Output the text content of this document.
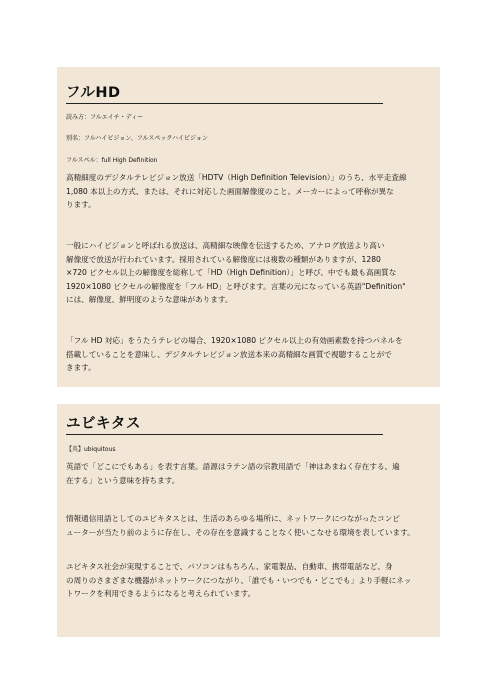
フルHD
読み方：フルエイチ・ディー
別名：フルハイビジョン、フルスペックハイビジョン
フルスペル：full High Definition
高精細度のデジタルテレビジョン放送「HDTV（High Definition Television）」のうち、水平走査線
1,080 本以上の方式、または、それに対応した画面解像度のこと。メーカーによって呼称が異な
ります。
一般にハイビジョンと呼ばれる放送は、高精細な映像を伝送するため、アナログ放送より高い
解像度で放送が行われています。採用されている解像度には複数の種類がありますが、1280
×720 ピクセル以上の解像度を総称して「HD（High Definition）」と呼び、中でも最も高画質な
1920×1080 ピクセルの解像度を「フル HD」と呼びます。言葉の元になっている英語"Definition"
には、解像度、鮮明度のような意味があります。
「フル HD 対応」をうたうテレビの場合、1920×1080 ピクセル以上の有効画素数を持つパネルを
搭載していることを意味し、デジタルテレビジョン放送本来の高精細な画質で視聴することがで
きます。
ユビキタス
【英】ubiquitous
英語で「どこにでもある」を表す言葉。語源はラテン語の宗教用語で「神はあまねく存在する、遍
在する」という意味を持ちます。
情報通信用語としてのユビキタスとは、生活のあらゆる場所に、ネットワークにつながったコンピ
ューターが当たり前のように存在し、その存在を意識することなく使いこなせる環境を表しています。
ユビキタス社会が実現することで、パソコンはもちろん、家電製品、自動車、携帯電話など、身
の周りのさまざまな機器がネットワークにつながり、「誰でも・いつでも・どこでも」より手軽にネッ
トワークを利用できるようになると考えられています。
